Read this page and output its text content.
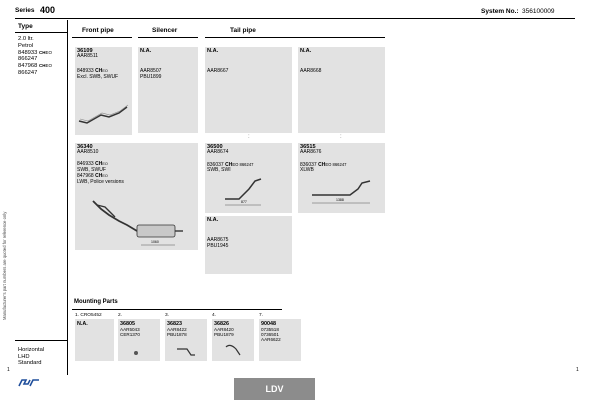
Series 400	System No.: 356100009
Manufacturer's part numbers are quoted for reference only
Type
2.0 ltr.
Petrol
848933 CHEO
866247
847968 CHEO
866247
Horizontal
LHD
Standard
1	1
Front pipe	Silencer	Tail pipe
36109
AAR8511
848933 CHEO
Excl. SWB, SWUF
N.A.
AAR8507
PBU1899
N.A.
AAR8667
N.A.
AAR8668
:
:
36340
AAR8510
846933 CHEO
SWB, SWUF
847968 CHEO
LWB, Police versions
1060
36500
AAR8674
836037 CHEO 866247
SWB, SWI
877
36515
AAR8676
836037 CHEO 866247
XLWB
1388
N.A.
AAR8675
PBU1945
Mounting Parts
1. CRO5452
N.A.
2.
36805
AAR5043
CER1370
3.
36823
AAR8422
PBU1878
4.
36826
AAR8420
PBU1879
7.
90048
0735518
0736501
AAR6622
LDV
